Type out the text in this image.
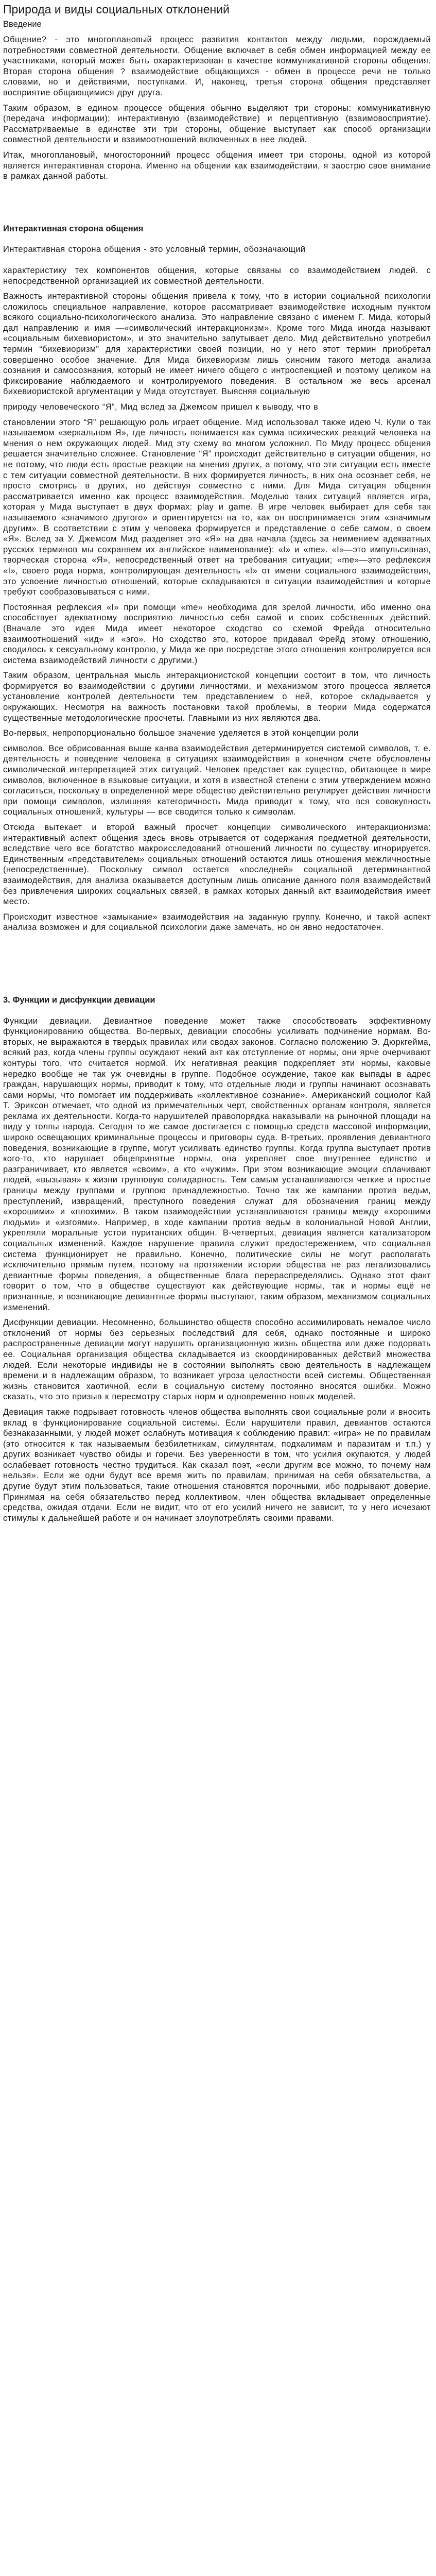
Природа и виды социальных отклонений
Введение

Общение? - это многоплановый процесс развития контактов между людьми, порождаемый потребностями совместной деятельности. Общение включает в себя обмен информацией между ее участниками, который может быть охарактеризован в качестве коммуникативной стороны общения. Вторая сторона общения ? взаимодействие общающихся - обмен в процессе речи не только словами, но и действиями, поступками. И, наконец, третья сторона общения представляет восприятие общающимися друг друга.

Таким образом, в едином процессе общения обычно выделяют три стороны: коммуникативную (передача информации); интерактивную (взаимодействие) и перцептивную (взаимовосприятие). Рассматриваемые в единстве эти три стороны, общение выступает как способ организации совместной деятельности и взаимоотношений включенных в нее людей.

Итак, многоплановый, многосторонний процесс общения имеет три стороны, одной из которой является интерактивная сторона. Именно на общении как взаимодействии, я заострю свое внимание в рамках данной работы.

Интерактивная сторона общения

Интерактивная сторона общения - это условный термин, обозначающий

характеристику тех компонентов общения, которые связаны со взаимодействием людей. с непосредственной организацией их совместной деятельности.

Важность интерактивной стороны общения привела к тому, что в истории социальной психологии сложилось специальное направление, которое рассматривает взаимодействие исходным пунктом всякого социально-психологического анализа. Это направление связано с именем Г. Мида, который дал направлению и имя —«символический интеракционизм». Кроме того Мида иногда называют «социальным бихевиористом», и это значительно запутывает дело. Мид действительно употребил термин “бихевиоризм” для характеристики своей позиции, но у него этот термин приобретал совершенно особое значение. Для Мида бихевиоризм лишь синоним такого метода анализа сознания и самосознания, который не имеет ничего общего с интроспекцией и поэтому целиком на фиксирование наблюдаемого и контролируемого поведения. В остальном же весь арсенал бихевиористской аргументации у Мида отсутствует. Выясняя социальную

природу человеческого “Я”, Мид вслед за Джемсом пришел к выводу, что в

становлении этого “Я” решающую роль играет общение. Мид использовал также идею Ч. Кули о так называемом «зеркальном Я», где личность понимается как сумма психических реакций человека на мнения о нем окружающих людей. Мид эту схему во многом усложнил. По Миду процесс общения решается значительно сложнее. Становление “Я” происходит действительно в ситуации общения, но не потому, что люди есть простые реакции на мнения других, а потому, что эти ситуации есть вместе с тем ситуации совместной деятельности. В них формируется личность, в них она осознает себя, не просто смотрясь в других, но действуя совместно с ними. Для Мида ситуация общения рассматривается именно как процесс взаимодействия. Моделью таких ситуаций является игра, которая у Мида выступает в двух формах: play и game. В игре человек выбирает для себя так называемого «значимого другого» и ориентируется на то, как он воспринимается этим «значимым другим». В соответствии с этим у человека формируется и представление о себе самом, о своем «Я». Вслед за У. Джемсом Мид разделяет это «Я» на два начала (здесь за неимением адекватных русских терминов мы сохраняем их английское наименование): «I» и «me». «I»—это импульсивная, творческая сторона «Я», непосредственный ответ на требования ситуации; «me»—это рефлексия «I», своего рода норма, контролирующая деятельность «I» от имени социального взаимодействия, это усвоение личностью отношений, которые складываются в ситуации взаимодействия и которые требуют сообразовываться с ними.

Постоянная рефлексия «I» при помощи «me» необходима для зрелой личности, ибо именно она способствует адекватному восприятию личностью себя самой и своих собственных действий. (Вначале это идея Мида имеет некоторое сходство со схемой Фрейда относительно взаимоотношений «ид» и «эго». Но сходство это, которое придавал Фрейд этому отношению, сводилось к сексуальному контролю, у Мида же при посредстве этого отношения контролируется вся система взаимодействий личности с другими.)

Таким образом, центральная мысль интеракционистской концепции состоит в том, что личность формируется во взаимодействии с другими личностями, и механизмом этого процесса является установление контролей деятельности тем представлением о ней, которое складывается у окружающих. Несмотря на важность постановки такой проблемы, в теории Мида содержатся существенные методологические просчеты. Главными из них являются два.

Во-первых, непропорционально большое значение уделяется в этой концепции роли

символов. Все обрисованная выше канва взаимодействия детерминируется системой символов, т. е. деятельность и поведение человека в ситуациях взаимодействия в конечном счете обусловлены символической интерпретацией этих ситуаций. Человек предстает как существо, обитающее в мире символов, включенное в языковые ситуации, и хотя в известной степени с этим утверждением можно согласиться, поскольку в определенной мере общество действительно регулирует действия личности при помощи символов, излишняя категоричность Мида приводит к тому, что вся совокупность социальных отношений, культуры — все сводится только к символам.

Отсюда вытекает и второй важный просчет концепции символического интеракционизма: интерактивный аспект общения здесь вновь отрывается от содержания предметной деятельности, вследствие чего все богатство макроисследований отношений личности по существу игнорируется. Единственным «представителем» социальных отношений остаются лишь отношения межличностные (непосредственные). Поскольку символ остается «последней» социальной детерминантной взаимодействия, для анализа оказывается доступным лишь описание данного поля взаимодействий без привлечения широких социальных связей, в рамках которых данный акт взаимодействия имеет место.

Происходит известное «замыкание» взаимодействия на заданную группу. Конечно, и такой аспект анализа возможен и для социальной психологии даже замечать, но он явно недостаточен.

3. Функции и дисфункции девиации

Функции девиации. Девиантное поведение может также способствовать эффективному функционированию общества. Во-первых, девиации способны усиливать подчинение нормам. Во-вторых, не выражаются в твердых правилах или сводах законов. Согласно положению Э. Дюркгейма, всякий раз, когда члены группы осуждают некий акт как отступление от нормы, они ярче очерчивают контуры того, что считается нормой. Их негативная реакция подкрепляет эти нормы, каковые нередко вообще не так уж очевидны в группе. Подобное осуждение, такое как выпады в адрес граждан, нарушающих нормы, приводит к тому, что отдельные люди и группы начинают осознавать сами нормы, что помогает им поддерживать «коллективное сознание». Американский социолог Кай Т. Эриксон отмечает, что одной из примечательных черт, свойственных органам контроля, является реклама их деятельности. Когда-то нарушителей правопорядка наказывали на рыночной площади на виду у толпы народа. Сегодня то же самое достигается с помощью средств массовой информации, широко освещающих криминальные процессы и приговоры суда. В-третьих, проявления девиантного поведения, возникающие в группе, могут усиливать единство группы. Когда группа выступает против кого-то, кто нарушает общепринятые нормы, она укрепляет свое внутреннее единство и разграничивает, кто является «своим», а кто «чужим». При этом возникающие эмоции сплачивают людей, «вызывая» к жизни групповую солидарность. Тем самым устанавливаются четкие и простые границы между группами и группою принадлежностью. Точно так же кампании против ведьм, преступлений, извращений, преступного поведения служат для обозначения границ между «хорошими» и «плохими». В таком взаимодействии устанавливаются границы между «хорошими людьми» и «изгоями». Например, в ходе кампании против ведьм в колониальной Новой Англии, укрепляли моральные устои пуританских общин. В-четвертых, девиация является катализатором социальных изменений. Каждое нарушение правила служит предостережением, что социальная система функционирует не правильно. Конечно, политические силы не могут располагать исключительно прямым путем, поэтому на протяжении истории общества не раз легализовались девиантные формы поведения, а общественные блага перераспределялись. Однако этот факт говорит о том, что в обществе существуют как действующие нормы, так и нормы ещё не признанные, и возникающие девиантные формы выступают, таким образом, механизмом социальных изменений.

Дисфункции девиации. Несомненно, большинство обществ способно ассимилировать немалое число отклонений от нормы без серьезных последствий для себя, однако постоянные и широко распространенные девиации могут нарушить организационную жизнь общества или даже подорвать ее. Социальная организация общества складывается из скоординированных действий множества людей. Если некоторые индивиды не в состоянии выполнять свою деятельность в надлежащем времени и в надлежащим образом, то возникает угроза целостности всей системы. Общественная жизнь становится хаотичной, если в социальную систему постоянно вносятся ошибки. Можно сказать, что это призыв к пересмотру старых норм и одновременно новых моделей.

Девиация также подрывает готовность членов общества выполнять свои социальные роли и вносить вклад в функционирование социальной системы. Если нарушители правил, девиантов остаются безнаказанными, у людей может ослабнуть мотивация к соблюдению правил: «игра» не по правилам (это относится к так называемым безбилетникам, симулянтам, подхалимам и паразитам и т.п.) у других возникает чувство обиды и горечи. Без уверенности в том, что усилия окупаются, у людей ослабевает готовность честно трудиться. Как сказал поэт, «если другим все можно, то почему нам нельзя». Если же одни будут все время жить по правилам, принимая на себя обязательства, а другие будут этим пользоваться, такие отношения становятся порочными, ибо подрывают доверие. Принимая на себя обязательство перед коллективом, член общества вкладывает определенные средства, ожидая отдачи. Если не видит, что от его усилий ничего не зависит, то у него исчезают стимулы к дальнейшей работе и он начинает злоупотреблять своими правами.
